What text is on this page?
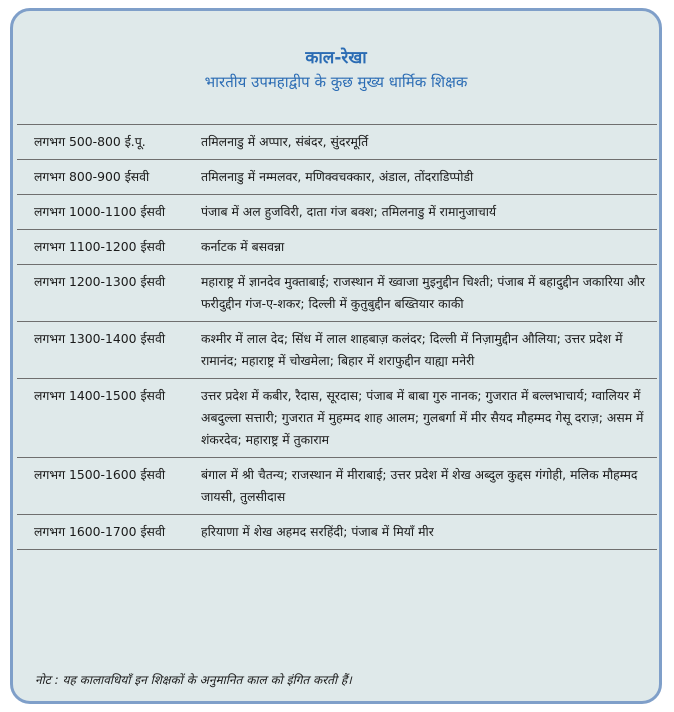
काल-रेखा
भारतीय उपमहाद्वीप के कुछ मुख्य धार्मिक शिक्षक
लगभग 500-800 ई.पू.	तमिलनाडु में अप्पार, संबंदर, सुंदरमूर्ति
लगभग 800-900 ईसवी	तमिलनाडु में नम्मलवर, मणिक्वचक्कार, अंडाल, तोंदराडिप्पोडी
लगभग 1000-1100 ईसवी	पंजाब में अल हुजविरी, दाता गंज बक्श; तमिलनाडु में रामानुजाचार्य
लगभग 1100-1200 ईसवी	कर्नाटक में बसवन्ना
लगभग 1200-1300 ईसवी	महाराष्ट्र में ज्ञानदेव मुक्ताबाई; राजस्थान में ख्वाजा मुइनुद्दीन चिश्ती; पंजाब में बहादुद्दीन जकारिया और फरीदुद्दीन गंज-ए-शकर; दिल्ली में कुतुबुद्दीन बख्तियार काकी
लगभग 1300-1400 ईसवी	कश्मीर में लाल देद; सिंध में लाल शाहबाज़ कलंदर; दिल्ली में निज़ामुद्दीन औलिया; उत्तर प्रदेश में रामानंद; महाराष्ट्र में चोखमेला; बिहार में शराफुद्दीन याह्या मनेरी
लगभग 1400-1500 ईसवी	उत्तर प्रदेश में कबीर, रैदास, सूरदास; पंजाब में बाबा गुरु नानक; गुजरात में बल्लभाचार्य; ग्वालियर में अबदुल्ला सत्तारी; गुजरात में मुहम्मद शाह आलम; गुलबर्गा में मीर सैयद मौहम्मद गेसू दराज़; असम में शंकरदेव; महाराष्ट्र में तुकाराम
लगभग 1500-1600 ईसवी	बंगाल में श्री चैतन्य; राजस्थान में मीराबाई; उत्तर प्रदेश में शेख अब्दुल कुद्दस गंगोही, मलिक मौहम्मद जायसी, तुलसीदास
लगभग 1600-1700 ईसवी	हरियाणा में शेख अहमद सरहिंदी; पंजाब में मियाँ मीर
नोट : यह कालावधियाँ इन शिक्षकों के अनुमानित काल को इंगित करती हैं।
